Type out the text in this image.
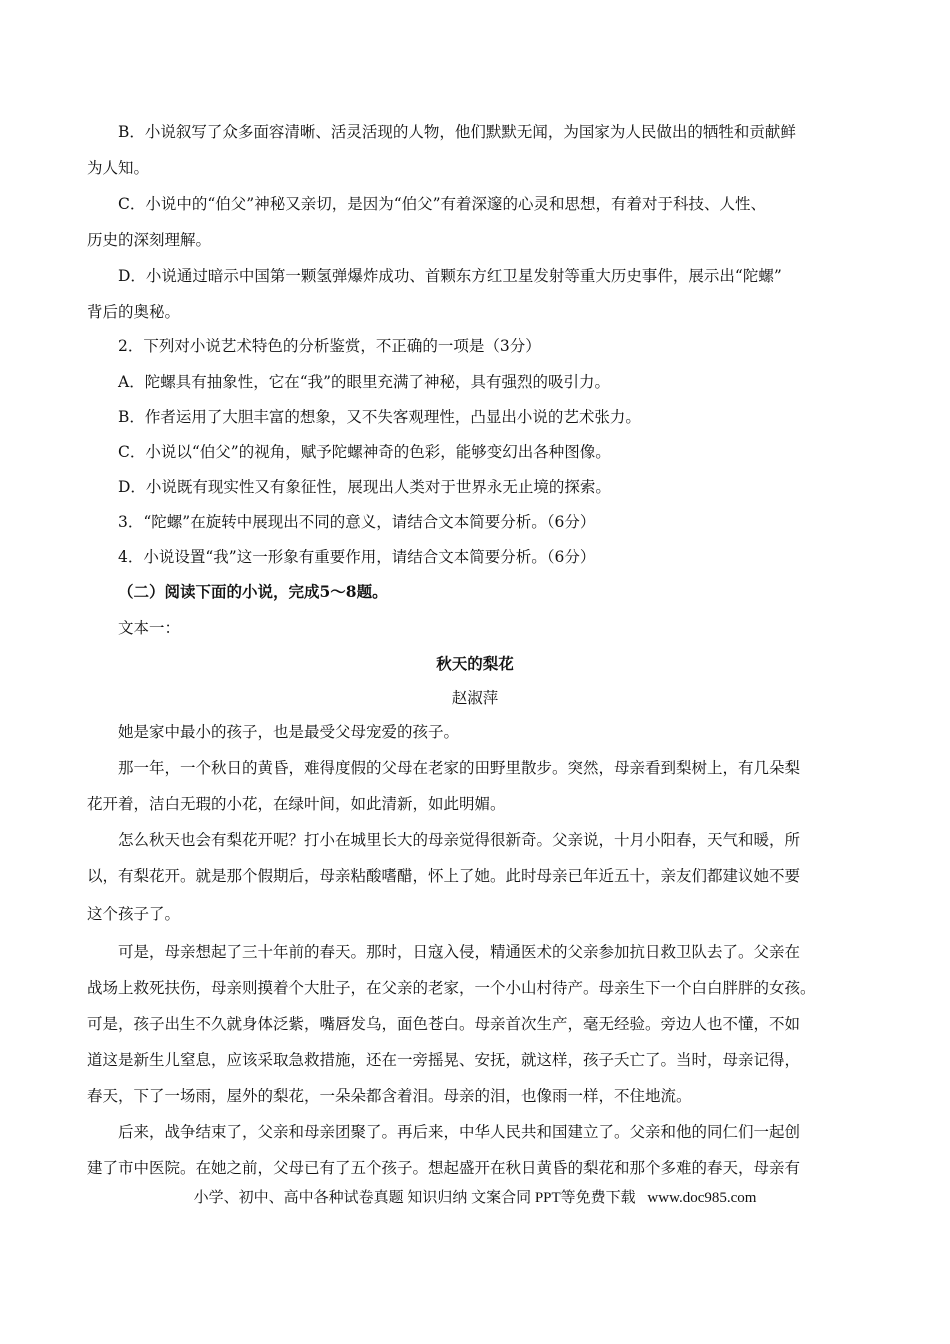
B．小说叙写了众多面容清晰、活灵活现的人物，他们默默无闻，为国家为人民做出的牺牲和贡献鲜

为人知。

C．小说中的“伯父”神秘又亲切，是因为“伯父”有着深邃的心灵和思想，有着对于科技、人性、

历史的深刻理解。

D．小说通过暗示中国第一颗氢弹爆炸成功、首颗东方红卫星发射等重大历史事件，展示出“陀螺”

背后的奥秘。

2．下列对小说艺术特色的分析鉴赏，不正确的一项是（3分）

A．陀螺具有抽象性，它在“我”的眼里充满了神秘，具有强烈的吸引力。

B．作者运用了大胆丰富的想象，又不失客观理性，凸显出小说的艺术张力。

C．小说以“伯父”的视角，赋予陀螺神奇的色彩，能够变幻出各种图像。

D．小说既有现实性又有象征性，展现出人类对于世界永无止境的探索。

3．“陀螺”在旋转中展现出不同的意义，请结合文本简要分析。（6分）

4．小说设置“我”这一形象有重要作用，请结合文本简要分析。（6分）

（二）阅读下面的小说，完成5～8题。

文本一：

秋天的梨花

赵淑萍

她是家中最小的孩子，也是最受父母宠爱的孩子。

那一年，一个秋日的黄昏，难得度假的父母在老家的田野里散步。突然，母亲看到梨树上，有几朵梨

花开着，洁白无瑕的小花，在绿叶间，如此清新，如此明媚。

怎么秋天也会有梨花开呢？打小在城里长大的母亲觉得很新奇。父亲说，十月小阳春，天气和暖，所

以，有梨花开。就是那个假期后，母亲粘酸嗜醋，怀上了她。此时母亲已年近五十，亲友们都建议她不要

这个孩子了。

可是，母亲想起了三十年前的春天。那时，日寇入侵，精通医术的父亲参加抗日救卫队去了。父亲在

战场上救死扶伤，母亲则摸着个大肚子，在父亲的老家，一个小山村待产。母亲生下一个白白胖胖的女孩。

可是，孩子出生不久就身体泛紫，嘴唇发乌，面色苍白。母亲首次生产，毫无经验。旁边人也不懂，不如

道这是新生儿窒息，应该采取急救措施，还在一旁摇晃、安抚，就这样，孩子夭亡了。当时，母亲记得，

春天，下了一场雨，屋外的梨花，一朵朵都含着泪。母亲的泪，也像雨一样，不住地流。

后来，战争结束了，父亲和母亲团聚了。再后来，中华人民共和国建立了。父亲和他的同仁们一起创

建了市中医院。在她之前，父母已有了五个孩子。想起盛开在秋日黄昏的梨花和那个多难的春天，母亲有

小学、初中、高中各种试卷真题 知识归纳 文案合同 PPT等免费下载 www.doc985.com
